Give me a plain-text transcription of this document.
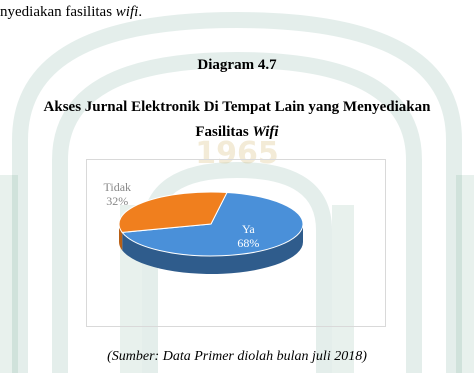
1965
nyediakan fasilitas wifi.
Diagram 4.7
Akses Jurnal Elektronik Di Tempat Lain yang Menyediakan
Fasilitas Wifi
Ya 68%
Tidak 32%
(Sumber: Data Primer diolah bulan juli 2018)
